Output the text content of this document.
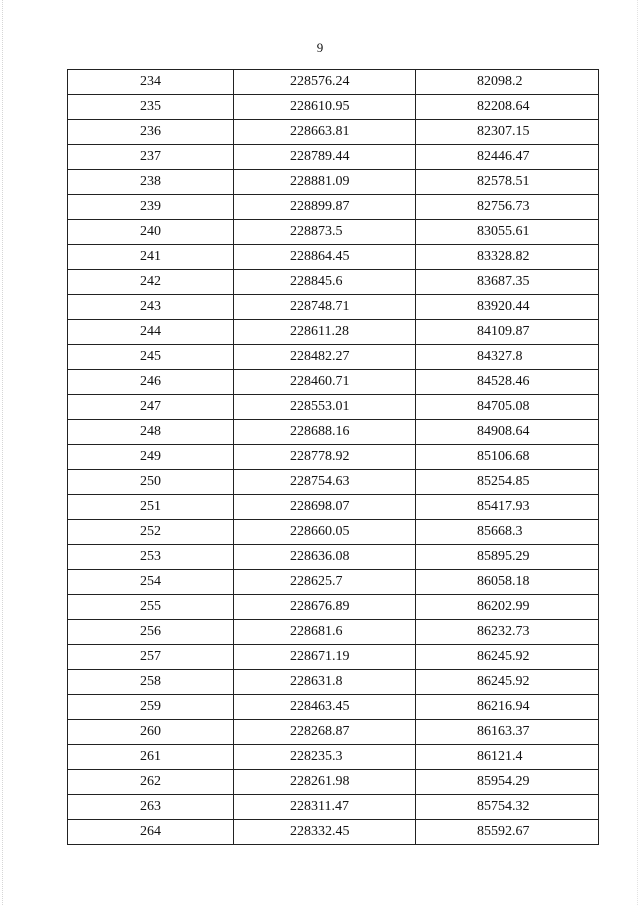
9
234	228576.24	82098.2
235	228610.95	82208.64
236	228663.81	82307.15
237	228789.44	82446.47
238	228881.09	82578.51
239	228899.87	82756.73
240	228873.5	83055.61
241	228864.45	83328.82
242	228845.6	83687.35
243	228748.71	83920.44
244	228611.28	84109.87
245	228482.27	84327.8
246	228460.71	84528.46
247	228553.01	84705.08
248	228688.16	84908.64
249	228778.92	85106.68
250	228754.63	85254.85
251	228698.07	85417.93
252	228660.05	85668.3
253	228636.08	85895.29
254	228625.7	86058.18
255	228676.89	86202.99
256	228681.6	86232.73
257	228671.19	86245.92
258	228631.8	86245.92
259	228463.45	86216.94
260	228268.87	86163.37
261	228235.3	86121.4
262	228261.98	85954.29
263	228311.47	85754.32
264	228332.45	85592.67
